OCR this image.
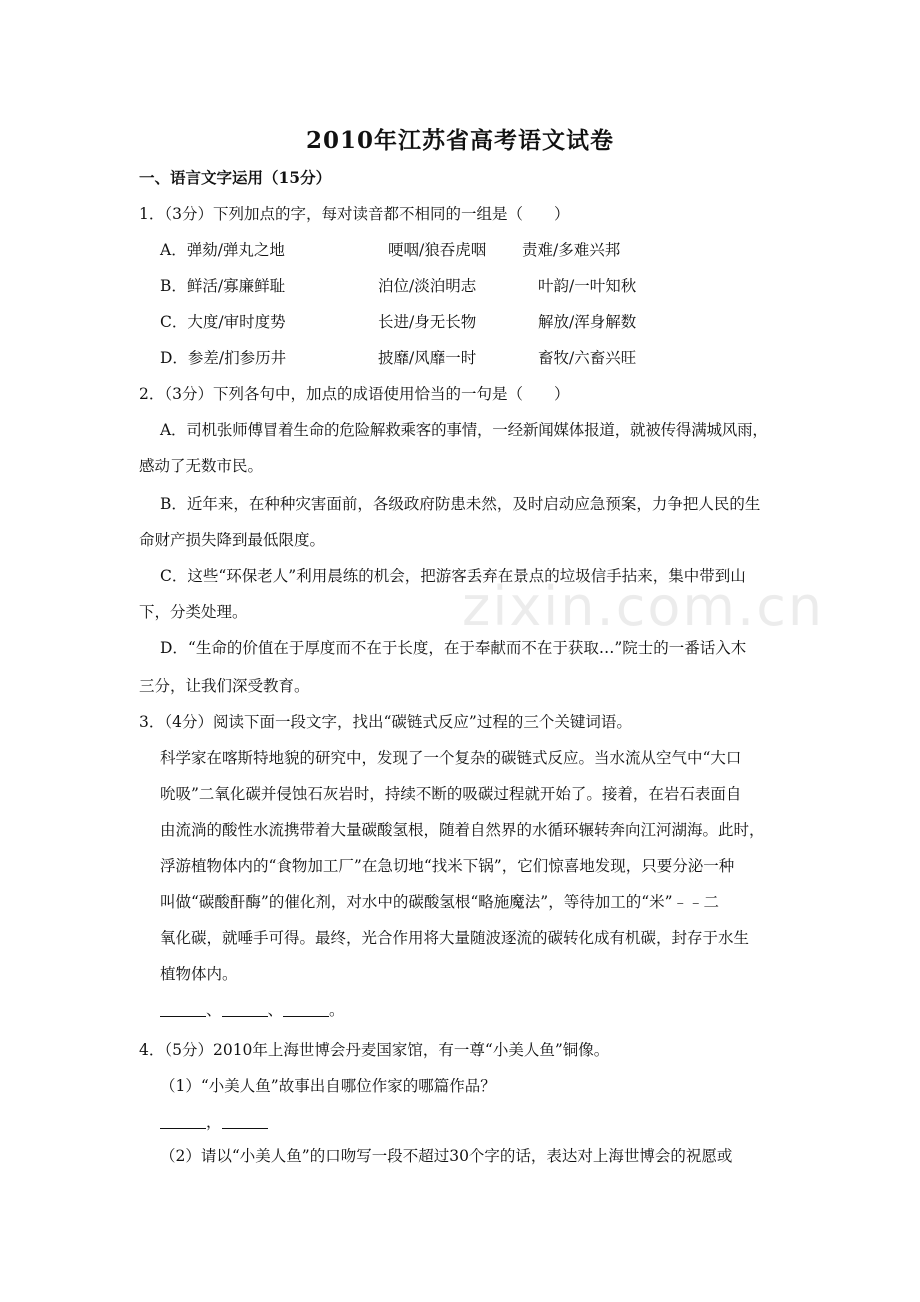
zixin.com.cn
2010年江苏省高考语文试卷
一、语言文字运用（15分）
1．（3分）下列加点的字，每对读音都不相同的一组是（　　）
A．弹劾/弹丸之地	哽咽/狼吞虎咽 责难/多难兴邦
B．鲜活/寡廉鲜耻	泊位/淡泊明志	叶韵/一叶知秋
C．大度/审时度势	长进/身无长物	解放/浑身解数
D．参差/扪参历井	披靡/风靡一时	畜牧/六畜兴旺
2．（3分）下列各句中，加点的成语使用恰当的一句是（　　）
A．司机张师傅冒着生命的危险解救乘客的事情，一经新闻媒体报道，就被传得满城风雨，
感动了无数市民。
B．近年来，在种种灾害面前，各级政府防患未然，及时启动应急预案，力争把人民的生
命财产损失降到最低限度。
C．这些“环保老人”利用晨练的机会，把游客丢弃在景点的垃圾信手拈来，集中带到山
下，分类处理。
D．“生命的价值在于厚度而不在于长度，在于奉献而不在于获取…”院士的一番话入木
三分，让我们深受教育。
3．（4分）阅读下面一段文字，找出“碳链式反应”过程的三个关键词语。
科学家在喀斯特地貌的研究中，发现了一个复杂的碳链式反应。当水流从空气中“大口
吮吸”二氧化碳并侵蚀石灰岩时，持续不断的吸碳过程就开始了。接着，在岩石表面自
由流淌的酸性水流携带着大量碳酸氢根，随着自然界的水循环辗转奔向江河湖海。此时，
浮游植物体内的“食物加工厂”在急切地“找米下锅”，它们惊喜地发现，只要分泌一种
叫做“碳酸酐酶”的催化剂，对水中的碳酸氢根“略施魔法”，等待加工的“米”﹣﹣二
氧化碳，就唾手可得。最终，光合作用将大量随波逐流的碳转化成有机碳，封存于水生
植物体内。
、	、	。
4．（5分）2010年上海世博会丹麦国家馆，有一尊“小美人鱼”铜像。
（1）“小美人鱼”故事出自哪位作家的哪篇作品？
，
（2）请以“小美人鱼”的口吻写一段不超过30个字的话，表达对上海世博会的祝愿或
